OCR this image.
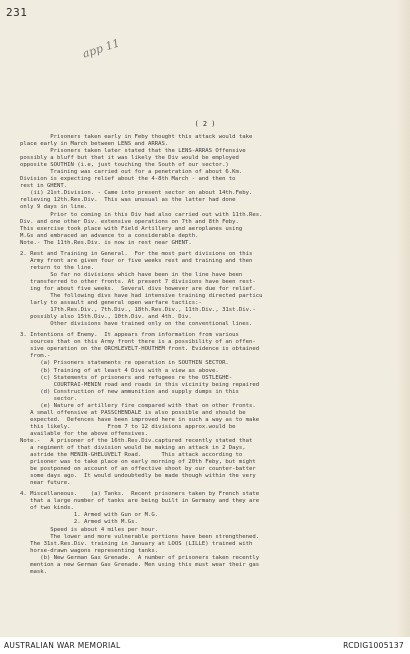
231
app 11
( 2 )
Prisoners taken early in Feby thought this attack would take
place early in March between LENS and ARRAS.
Prisoners taken later stated that the LENS-ARRAS Offensive
possibly a bluff but that it was likely the Div would be employed
opposite SOUTHIN (i.e, just touching the South of our sector.)
Training was carried out for a penetration of about 6.Km.
Division is expecting relief about the 4-8th March - and then to
rest in GHENT.
(ii) 21st.Division. - Came into present sector on about 14th.Feby.
relieving 12th.Res.Div.  This was unusual as the latter had done
only 9 days in line.
Prior to coming in this Div had also carried out with 11th.Res.
Div. and one other Div. extensive operations on 7th and 8th Feby.
This exercise took place with Field Artillery and aeroplanes using
M.Gs and embraced an advance to a considerable depth.
Note.- The 11th.Res.Div. is now in rest near GHENT.
2. Rest and Training in General.  For the most part divisions on this
Army front are given four or five weeks rest and training and then
return to the line.
So far no divisions which have been in the line have been
transferred to other fronts. At present 7 divisions have been rest-
ing for about five weeks.  Several divs however are due for relief.
The following divs have had intensive training directed particu
larly to assault and general open warfare tactics:-
17th.Res.Div., 7th.Div., 18th.Res.Div., 11th.Div., 31st.Div.-
possibly also 15th.Div., 10th.Div. and 4th. Div.
Other divisions have trained only on the conventional lines.
3. Intentions of Enemy.  It appears from information from various
sources that on this Army front there is a possibility of an offen-
sive operation on the ORCHLEVELT-HOUTHEM front. Evidence is obtained
from.-
(a) Prisoners statements re operation in SOUTHIN SECTOR.
(b) Training of at least 4 Divs with a view as above.
(c) Statements of prisoners and refugees re the OSTLEGHE-
COURTRAI-MENIN road and roads in this vicinity being repaired
(d) Construction of new ammunition and supply dumps in this
sector.
(e) Nature of artillery fire compared with that on other fronts.
A small offensive at PASSCHENDALE is also possible and should be
expected.  Defences have been improved here in such a way as to make
this likely.           From 7 to 12 divisions approx.would be
available for the above offensives.
Note.-   A prisoner of the 16th.Res.Div.captured recently stated that
a regiment of that division would be making an attack in 2 Days,
astride the MENIN-GHELUVELT Road.      This attack according to
prisoner was to take place on early morning of 20th Feby, but might
be postponed on account of an offective shoot by our counter-batter
some days ago.  It would undoubtedly be made though within the very
near future.
4. Miscellaneous.    (a) Tanks.  Recent prisoners taken by French state
that a large number of tanks are being built in Germany and they are
of two kinds.
1. Armed with Gun or M.G.
2. Armed with M.Gs.
Speed is about 4 miles per hour.
The lower and more vulnerable portions have been strengthened.
The 31st.Res.Div. training in January at LOOS (LILLE) trained with
horse-drawn wagons representing tanks.
(b) New German Gas Grenade.  A number of prisoners taken recently
mention a new German Gas Grenade. Men using this must wear their gas
mask.
AUSTRALIAN WAR MEMORIAL	RCDIG1005137
